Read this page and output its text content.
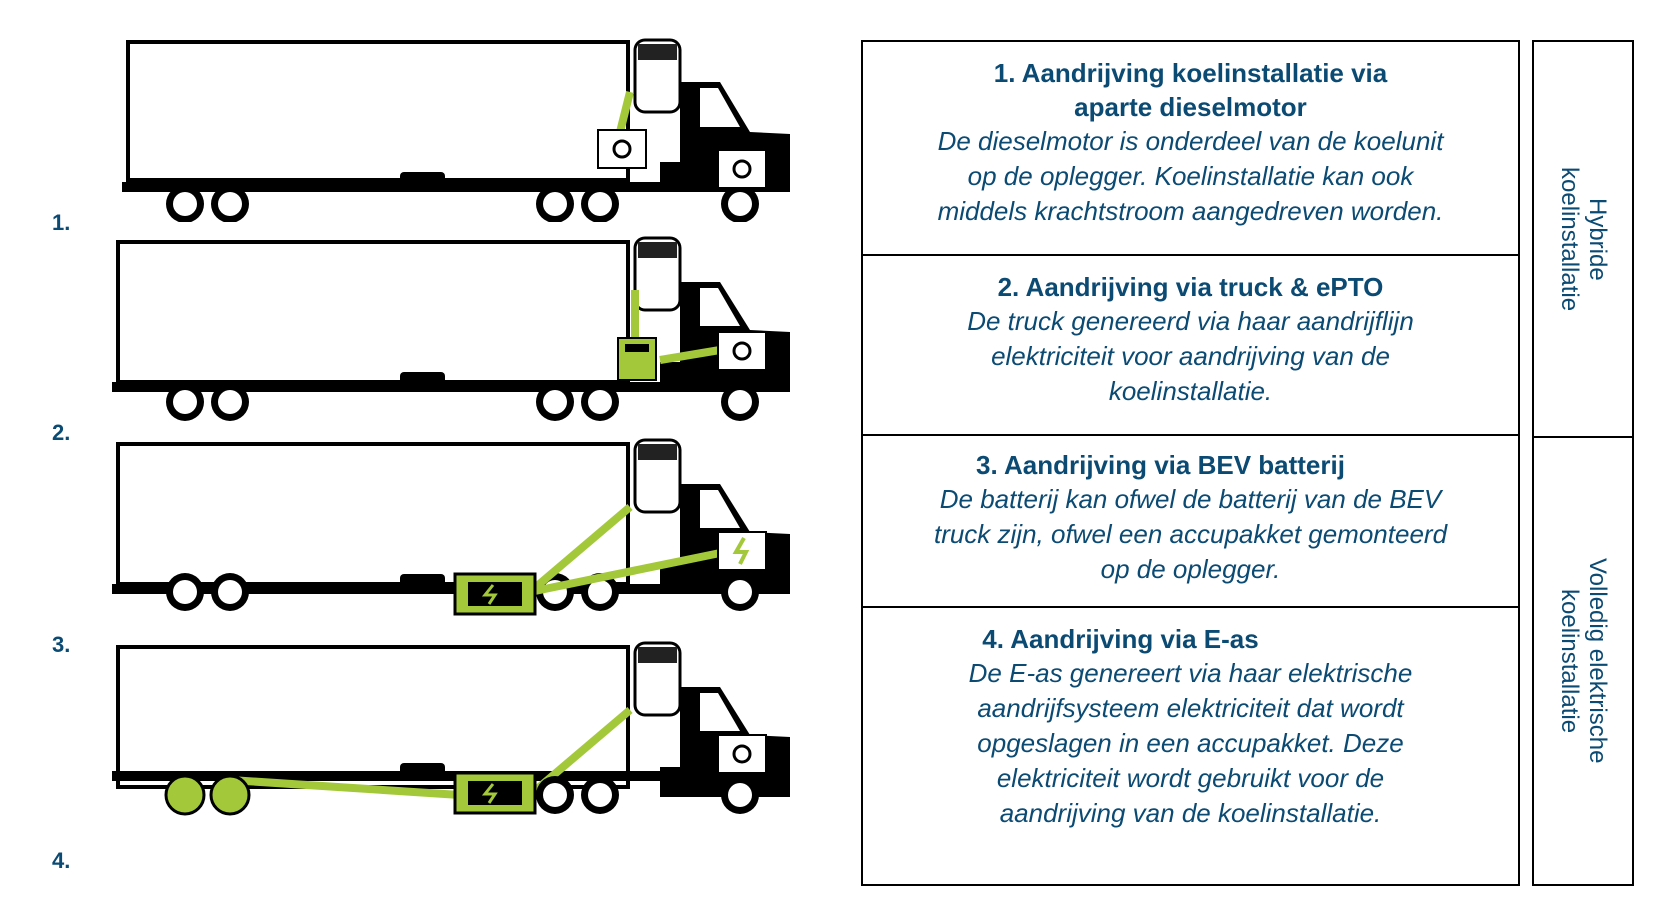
1.
2.
3.
4.
1. Aandrijving koelinstallatie via
aparte dieselmotor
De dieselmotor is onderdeel van de koelunit
op de oplegger. Koelinstallatie kan ook
middels krachtstroom aangedreven worden.
2. Aandrijving via truck & ePTO
De truck genereerd via haar aandrijflijn
elektriciteit voor aandrijving van de
koelinstallatie.
3. Aandrijving via BEV batterij
De batterij kan ofwel de batterij van de BEV
truck zijn, ofwel een accupakket gemonteerd
op de oplegger.
4. Aandrijving via E-as
De E-as genereert via haar elektrische
aandrijfsysteem elektriciteit dat wordt
opgeslagen in een accupakket. Deze
elektriciteit wordt gebruikt voor de
aandrijving van de koelinstallatie.
Hybride
koelinstallatie
Volledig elektrische
koelinstallatie
